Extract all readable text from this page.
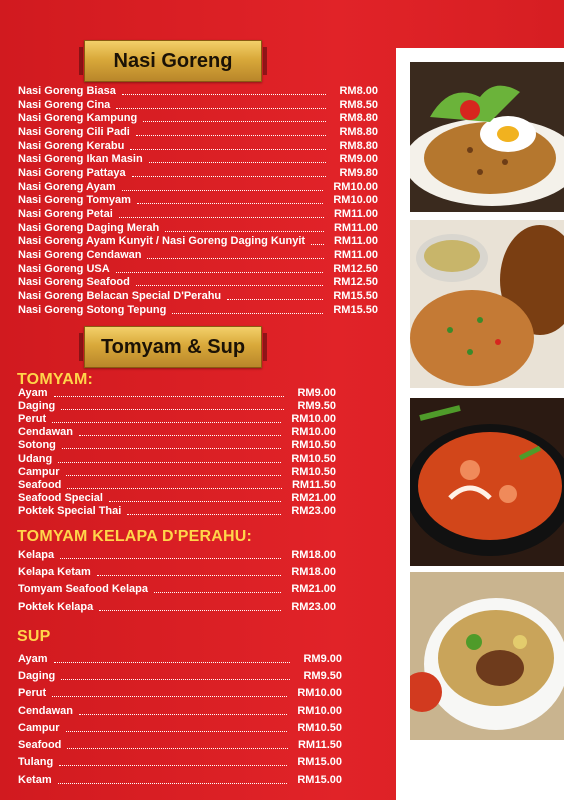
Nasi Goreng
Nasi Goreng Biasa	RM8.00
Nasi Goreng Cina	RM8.50
Nasi Goreng Kampung	RM8.80
Nasi Goreng Cili Padi	RM8.80
Nasi Goreng Kerabu	RM8.80
Nasi Goreng Ikan Masin	RM9.00
Nasi Goreng Pattaya	RM9.80
Nasi Goreng Ayam	RM10.00
Nasi Goreng Tomyam	RM10.00
Nasi Goreng Petai	RM11.00
Nasi Goreng Daging Merah	RM11.00
Nasi Goreng Ayam Kunyit / Nasi Goreng Daging Kunyit	RM11.00
Nasi Goreng Cendawan	RM11.00
Nasi Goreng USA	RM12.50
Nasi Goreng Seafood	RM12.50
Nasi Goreng Belacan Special D'Perahu	RM15.50
Nasi Goreng Sotong Tepung	RM15.50
Tomyam & Sup
TOMYAM:
Ayam	RM9.00
Daging	RM9.50
Perut	RM10.00
Cendawan	RM10.00
Sotong	RM10.50
Udang	RM10.50
Campur	RM10.50
Seafood	RM11.50
Seafood Special	RM21.00
Poktek Special Thai	RM23.00
TOMYAM KELAPA D'PERAHU:
Kelapa	RM18.00
Kelapa Ketam	RM18.00
Tomyam Seafood Kelapa	RM21.00
Poktek Kelapa	RM23.00
SUP
Ayam	RM9.00
Daging	RM9.50
Perut	RM10.00
Cendawan	RM10.00
Campur	RM10.50
Seafood	RM11.50
Tulang	RM15.00
Ketam	RM15.00
